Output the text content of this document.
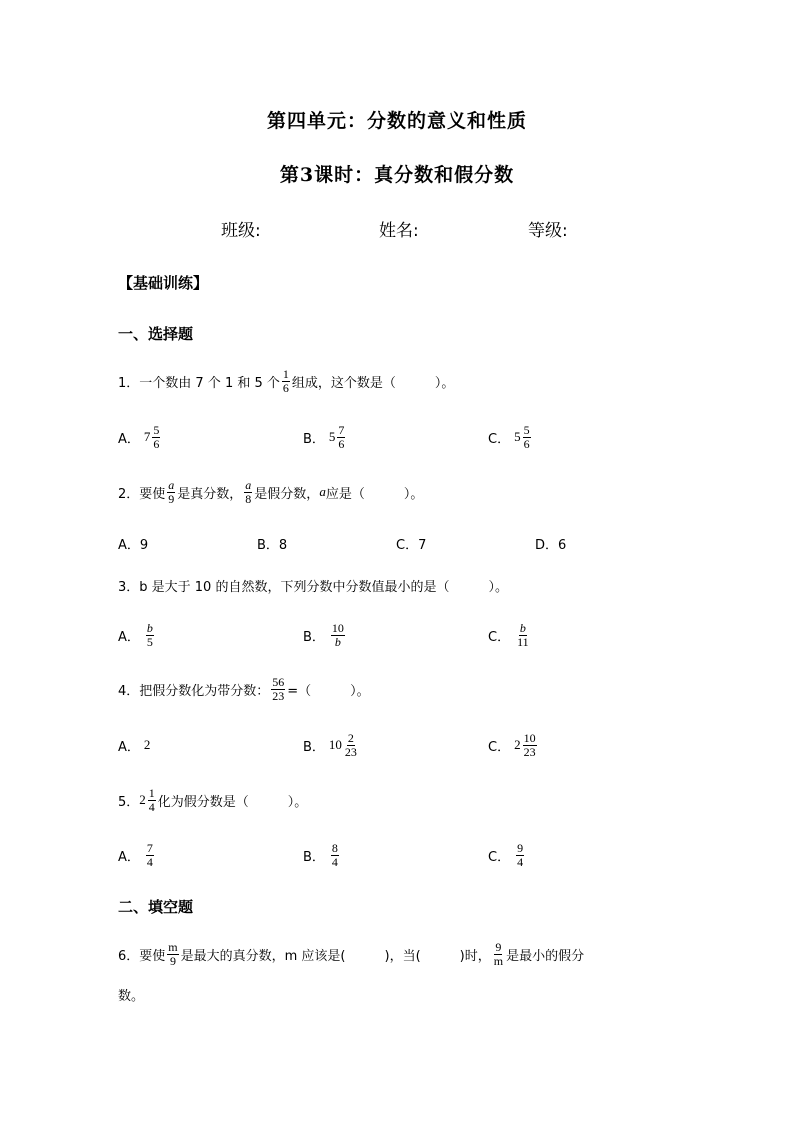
第四单元：分数的意义和性质
第3课时：真分数和假分数
班级:	姓名:	等级:
【基础训练】
一、选择题
1．一个数由 7 个 1 和 5 个 $\frac{1}{6}$ 组成，这个数是（　　　）。
A． $7 \frac{5}{6}$	B． $5 \frac{7}{6}$	C． $5 \frac{5}{6}$
2．要使 $\frac{a}{9}$ 是真分数， $\frac{a}{8}$ 是假分数， a 应是（　　　）。
A．9	B．8	C．7	D．6
3．b 是大于 10 的自然数，下列分数中分数值最小的是（　　　）。
A． $\frac{b}{5}$	B． $\frac{10}{b}$	C． $\frac{b}{11}$
4．把假分数化为带分数： $\frac{56}{23}$ =（　　　）。
A． 2	B． $10 \frac{2}{23}$	C． $2 \frac{10}{23}$
5． $2 \frac{1}{4}$ 化为假分数是（　　　）。
A． $\frac{7}{4}$	B． $\frac{8}{4}$	C． $\frac{9}{4}$
二、填空题
6．要使 $\frac{m}{9}$ 是最大的真分数，m 应该是(　　　)，当(　　　)时， $\frac{9}{m}$ 是最小的假分
数。
